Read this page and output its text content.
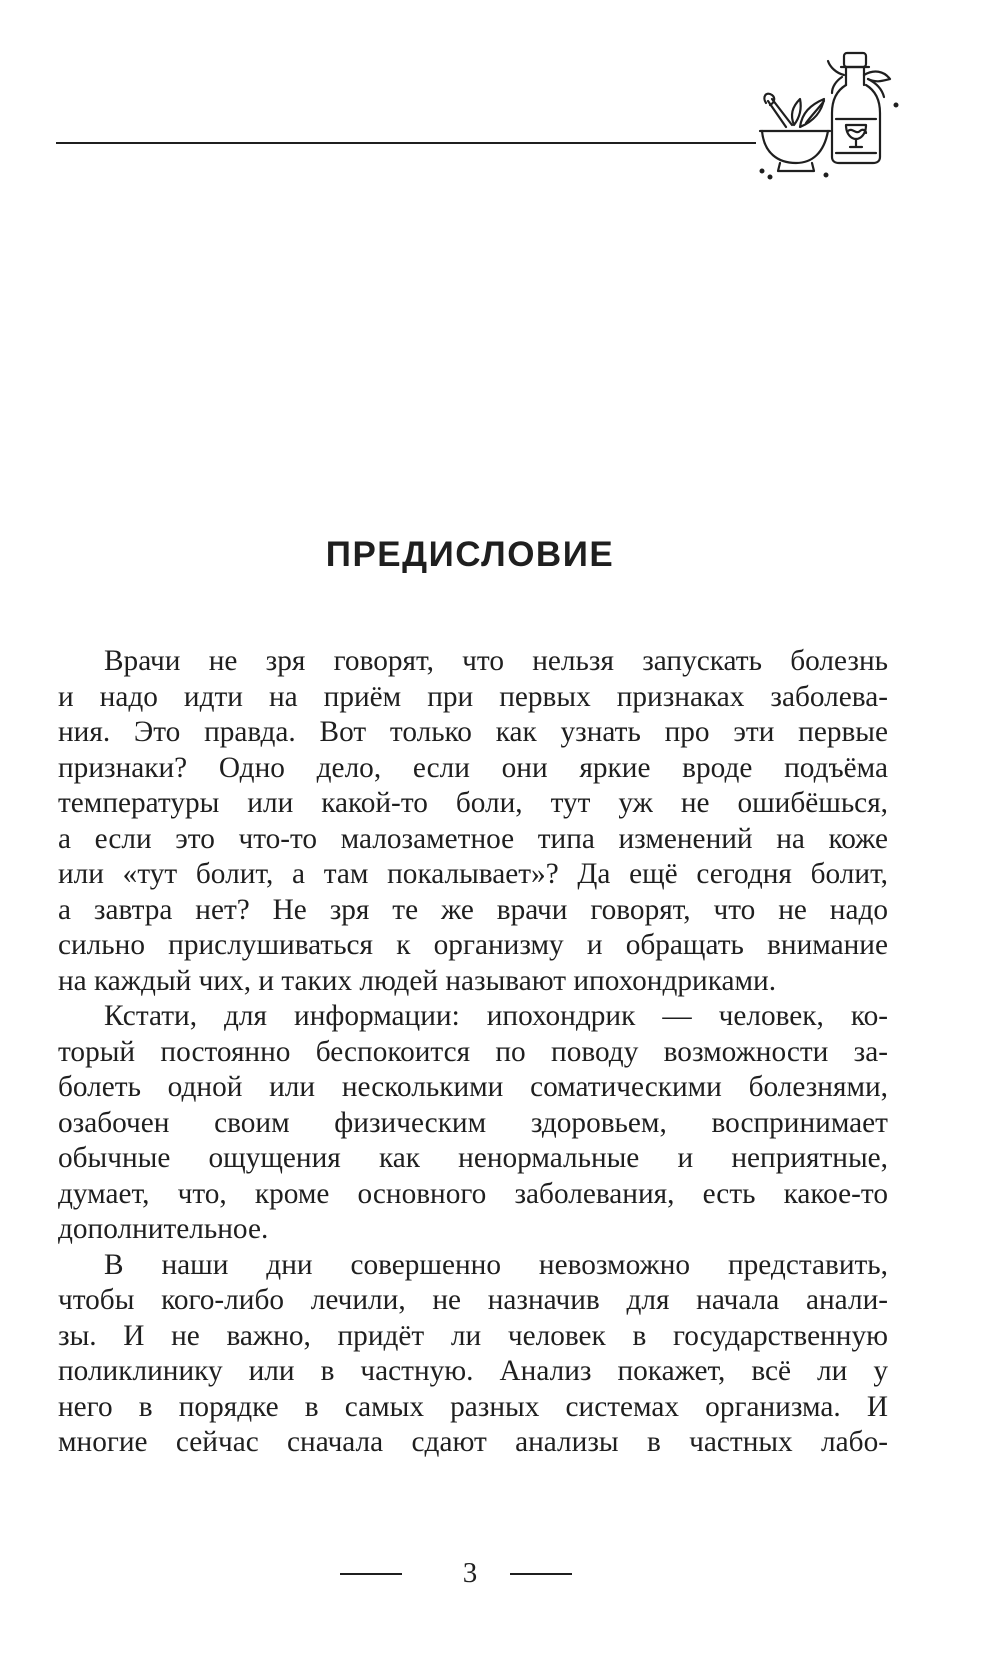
ПРЕДИСЛОВИЕ
Врачи не зря говорят, что нельзя запускать болезнь
и надо идти на приём при первых признаках заболева-
ния. Это правда. Вот только как узнать про эти первые
признаки? Одно дело, если они яркие вроде подъёма
температуры или какой-то боли, тут уж не ошибёшься,
а если это что-то малозаметное типа изменений на коже
или «тут болит, а там покалывает»? Да ещё сегодня болит,
а завтра нет? Не зря те же врачи говорят, что не надо
сильно прислушиваться к организму и обращать внимание
на каждый чих, и таких людей называют ипохондриками.
Кстати, для информации: ипохондрик — человек, ко-
торый постоянно беспокоится по поводу возможности за-
болеть одной или несколькими соматическими болезнями,
озабочен своим физическим здоровьем, воспринимает
обычные ощущения как ненормальные и неприятные,
думает, что, кроме основного заболевания, есть какое-то
дополнительное.
В наши дни совершенно невозможно представить,
чтобы кого-либо лечили, не назначив для начала анали-
зы. И не важно, придёт ли человек в государственную
поликлинику или в частную. Анализ покажет, всё ли у
него в порядке в самых разных системах организма. И
многие сейчас сначала сдают анализы в частных лабо-
3
